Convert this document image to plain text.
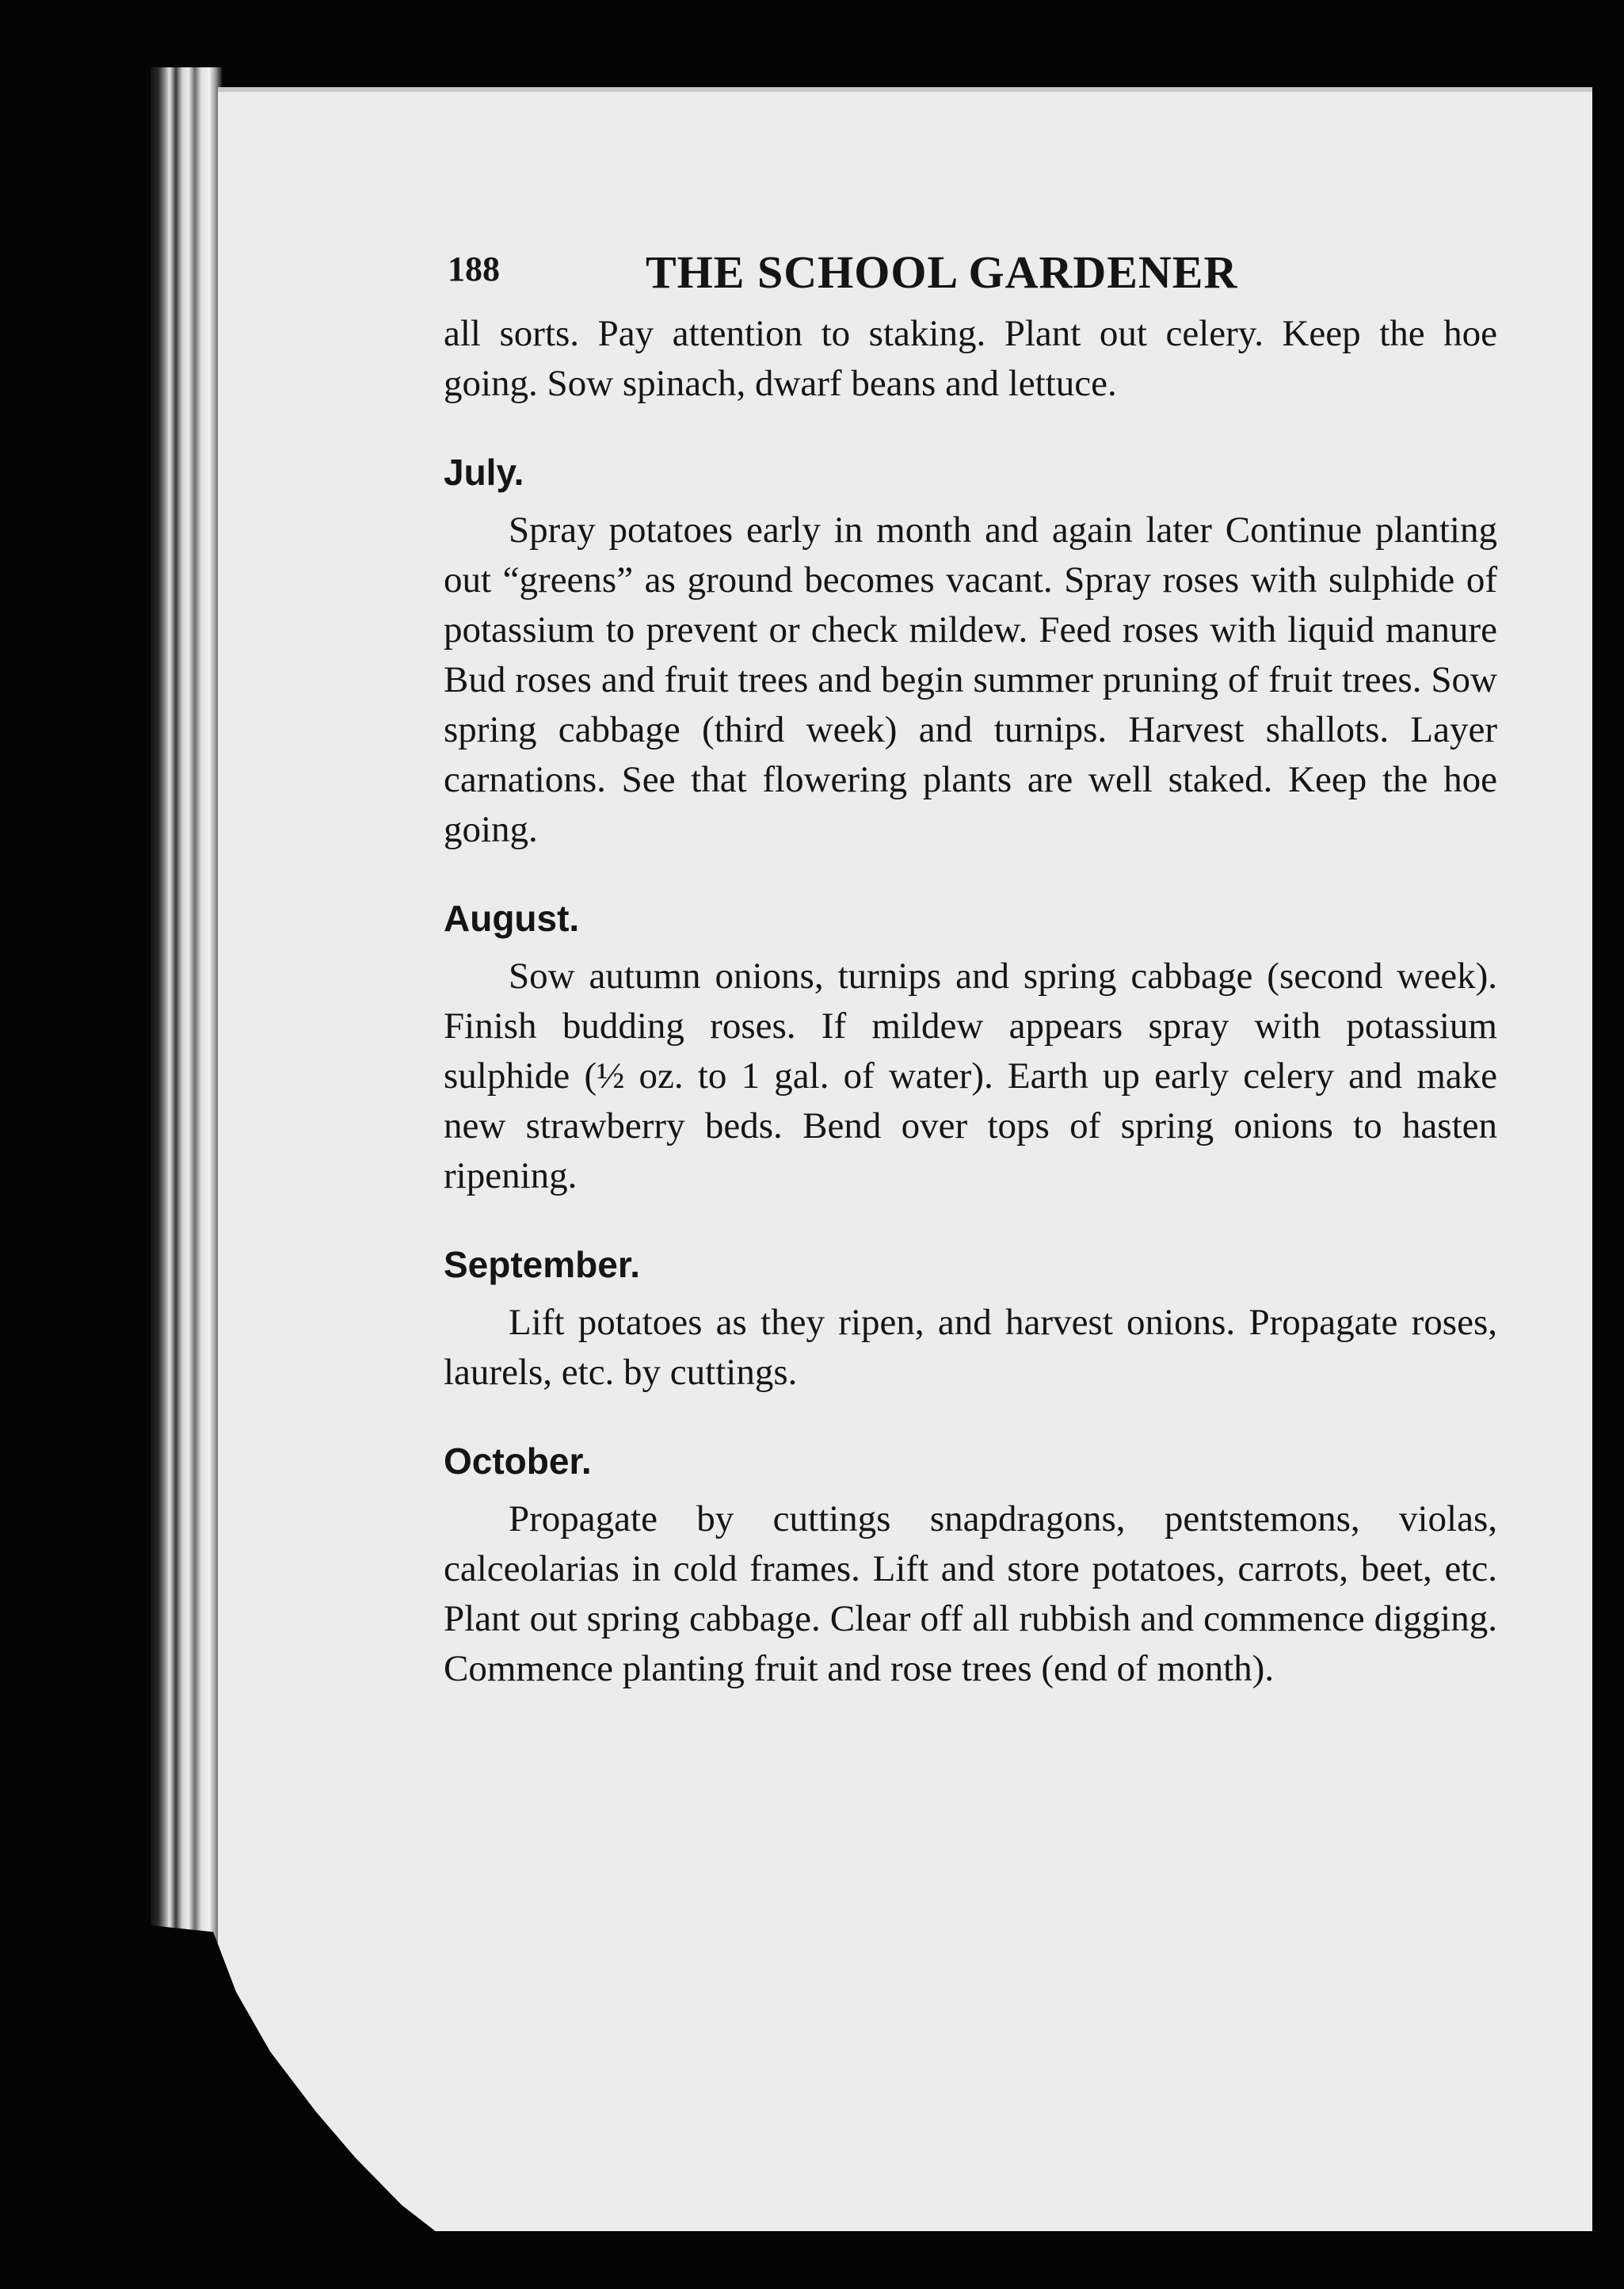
188	THE SCHOOL GARDENER

all sorts. Pay attention to staking. Plant out celery. Keep the hoe going. Sow spinach, dwarf beans and lettuce.

July.

Spray potatoes early in month and again later Continue planting out “greens” as ground becomes vacant. Spray roses with sulphide of potassium to prevent or check mildew. Feed roses with liquid manure Bud roses and fruit trees and begin summer pruning of fruit trees. Sow spring cabbage (third week) and turnips. Harvest shallots. Layer carnations. See that flowering plants are well staked. Keep the hoe going.

August.

Sow autumn onions, turnips and spring cabbage (second week). Finish budding roses. If mildew appears spray with potassium sulphide (½ oz. to 1 gal. of water). Earth up early celery and make new strawberry beds. Bend over tops of spring onions to hasten ripening.

September.

Lift potatoes as they ripen, and harvest onions. Propagate roses, laurels, etc. by cuttings.

October.

Propagate by cuttings snapdragons, pentstemons, violas, calceolarias in cold frames. Lift and store potatoes, carrots, beet, etc. Plant out spring cabbage. Clear off all rubbish and commence digging. Commence planting fruit and rose trees (end of month).
